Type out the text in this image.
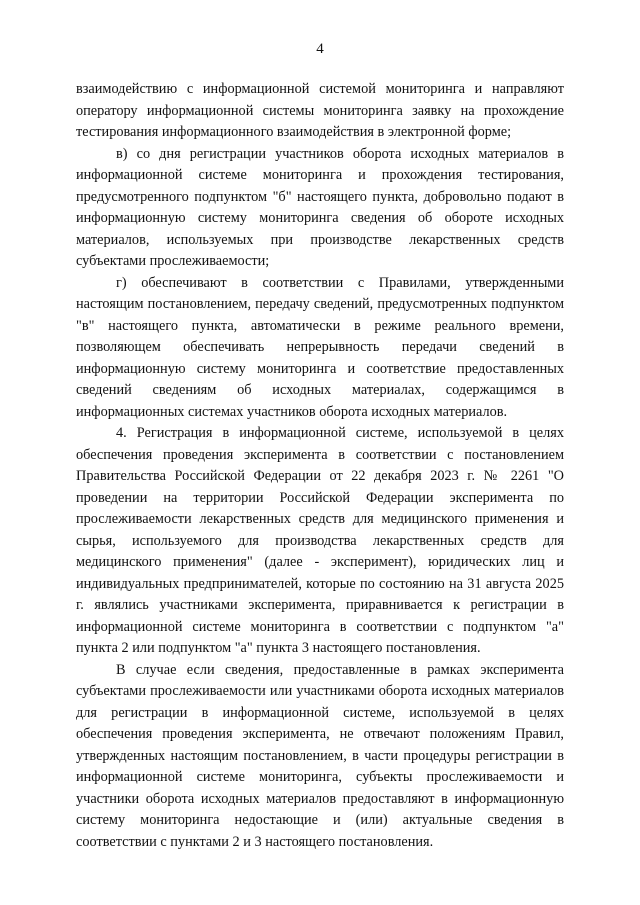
4

взаимодействию с информационной системой мониторинга и направляют оператору информационной системы мониторинга заявку на прохождение тестирования информационного взаимодействия в электронной форме;

в) со дня регистрации участников оборота исходных материалов в информационной системе мониторинга и прохождения тестирования, предусмотренного подпунктом "б" настоящего пункта, добровольно подают в информационную систему мониторинга сведения об обороте исходных материалов, используемых при производстве лекарственных средств субъектами прослеживаемости;

г) обеспечивают в соответствии с Правилами, утвержденными настоящим постановлением, передачу сведений, предусмотренных подпунктом "в" настоящего пункта, автоматически в режиме реального времени, позволяющем обеспечивать непрерывность передачи сведений в информационную систему мониторинга и соответствие предоставленных сведений сведениям об исходных материалах, содержащимся в информационных системах участников оборота исходных материалов.

4. Регистрация в информационной системе, используемой в целях обеспечения проведения эксперимента в соответствии с постановлением Правительства Российской Федерации от 22 декабря 2023 г. № 2261 "О проведении на территории Российской Федерации эксперимента по прослеживаемости лекарственных средств для медицинского применения и сырья, используемого для производства лекарственных средств для медицинского применения" (далее - эксперимент), юридических лиц и индивидуальных предпринимателей, которые по состоянию на 31 августа 2025 г. являлись участниками эксперимента, приравнивается к регистрации в информационной системе мониторинга в соответствии с подпунктом "а" пункта 2 или подпунктом "а" пункта 3 настоящего постановления.

В случае если сведения, предоставленные в рамках эксперимента субъектами прослеживаемости или участниками оборота исходных материалов для регистрации в информационной системе, используемой в целях обеспечения проведения эксперимента, не отвечают положениям Правил, утвержденных настоящим постановлением, в части процедуры регистрации в информационной системе мониторинга, субъекты прослеживаемости и участники оборота исходных материалов предоставляют в информационную систему мониторинга недостающие и (или) актуальные сведения в соответствии с пунктами 2 и 3 настоящего постановления.
